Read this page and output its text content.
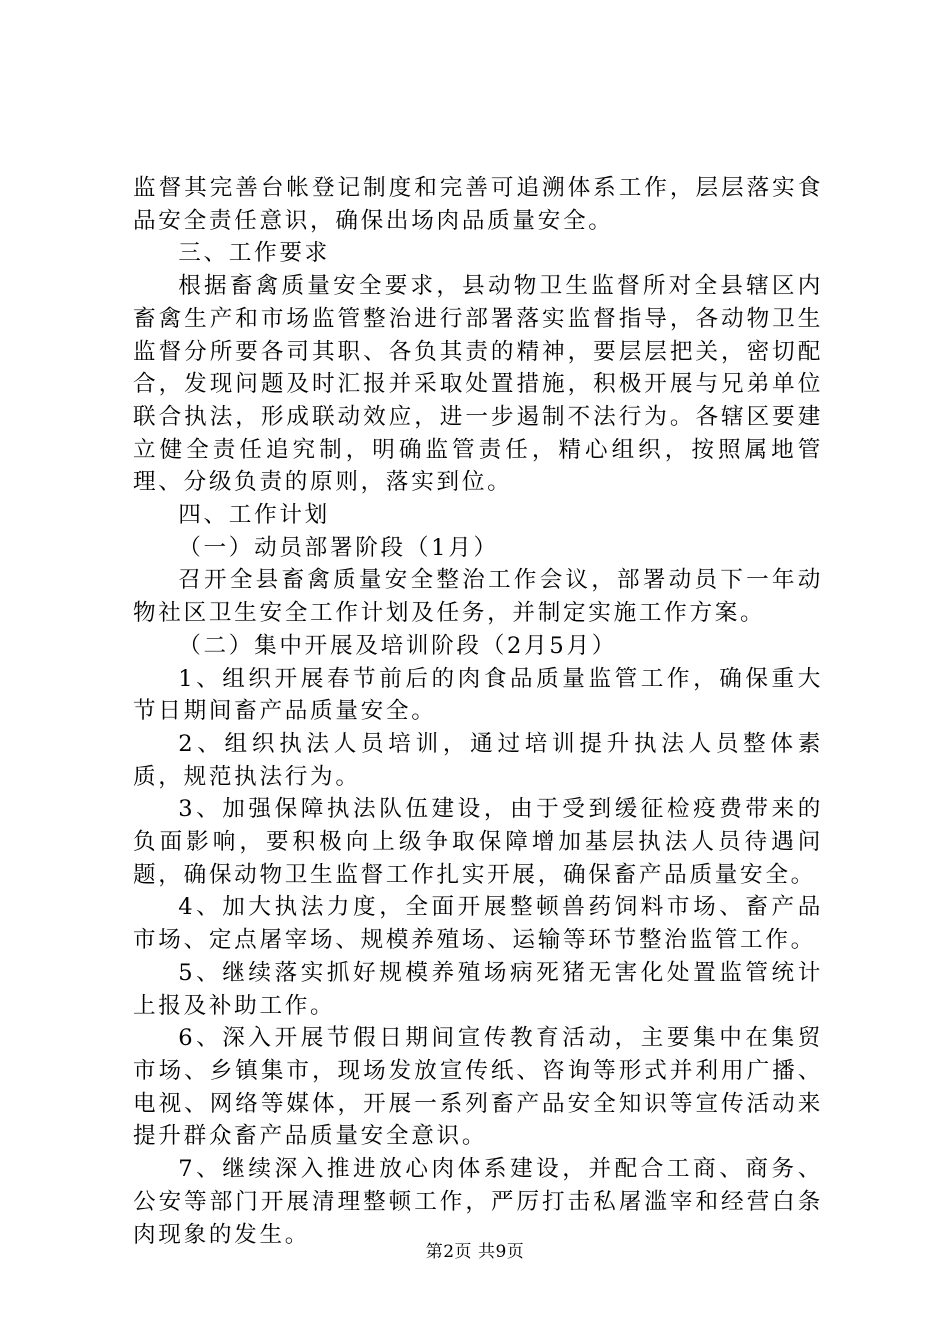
监督其完善台帐登记制度和完善可追溯体系工作，层层落实食品安全责任意识，确保出场肉品质量安全。

三、工作要求

根据畜禽质量安全要求，县动物卫生监督所对全县辖区内畜禽生产和市场监管整治进行部署落实监督指导，各动物卫生监督分所要各司其职、各负其责的精神，要层层把关，密切配合，发现问题及时汇报并采取处置措施，积极开展与兄弟单位联合执法，形成联动效应，进一步遏制不法行为。各辖区要建立健全责任追究制，明确监管责任，精心组织，按照属地管理、分级负责的原则，落实到位。

四、工作计划

（一）动员部署阶段（1月）

召开全县畜禽质量安全整治工作会议，部署动员下一年动物社区卫生安全工作计划及任务，并制定实施工作方案。

（二）集中开展及培训阶段（2月5月）

1、组织开展春节前后的肉食品质量监管工作，确保重大节日期间畜产品质量安全。

2、组织执法人员培训，通过培训提升执法人员整体素质，规范执法行为。

3、加强保障执法队伍建设，由于受到缓征检疫费带来的负面影响，要积极向上级争取保障增加基层执法人员待遇问题，确保动物卫生监督工作扎实开展，确保畜产品质量安全。

4、加大执法力度，全面开展整顿兽药饲料市场、畜产品市场、定点屠宰场、规模养殖场、运输等环节整治监管工作。

5、继续落实抓好规模养殖场病死猪无害化处置监管统计上报及补助工作。

6、深入开展节假日期间宣传教育活动，主要集中在集贸市场、乡镇集市，现场发放宣传纸、咨询等形式并利用广播、电视、网络等媒体，开展一系列畜产品安全知识等宣传活动来提升群众畜产品质量安全意识。

7、继续深入推进放心肉体系建设，并配合工商、商务、公安等部门开展清理整顿工作，严厉打击私屠滥宰和经营白条肉现象的发生。

第2页 共9页
